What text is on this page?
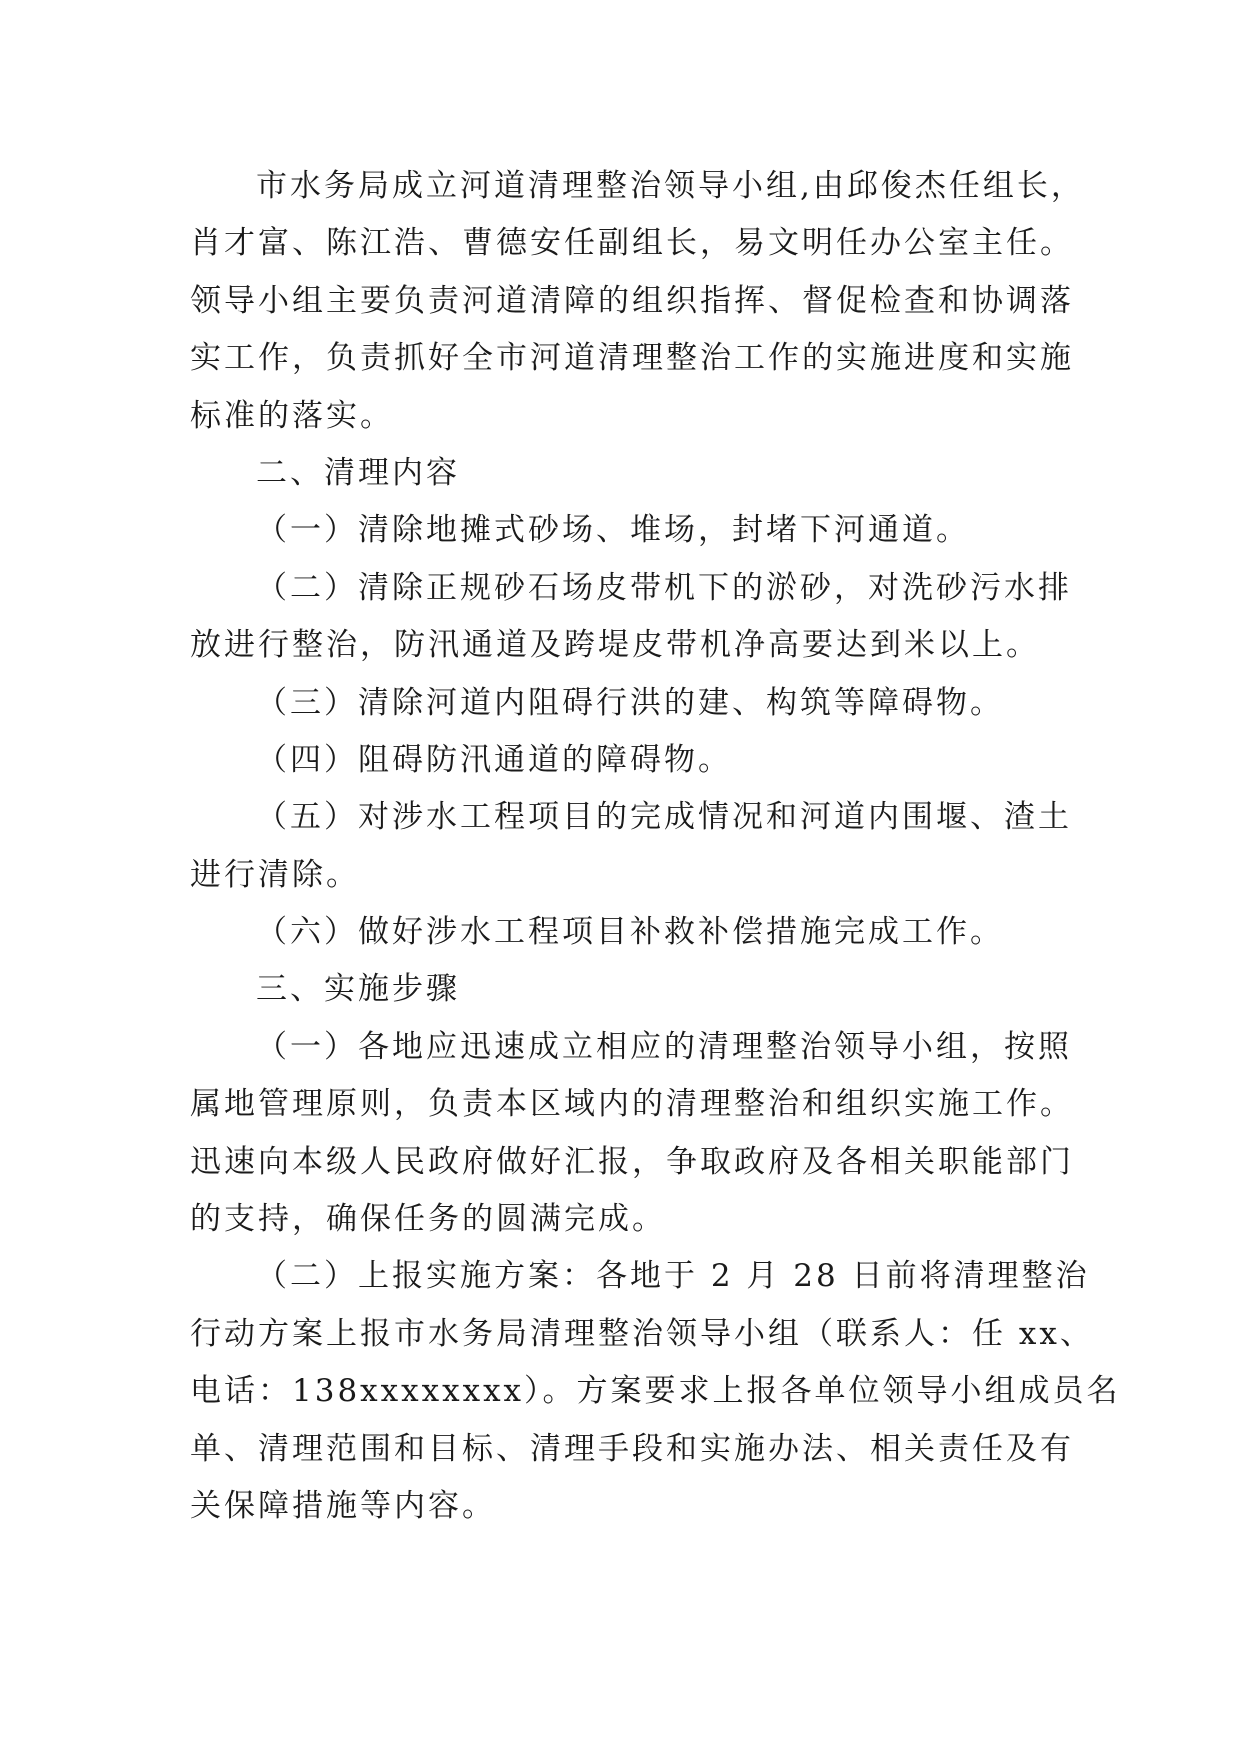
市水务局成立河道清理整治领导小组,由邱俊杰任组长，
肖才富、陈江浩、曹德安任副组长，易文明任办公室主任。
领导小组主要负责河道清障的组织指挥、督促检查和协调落
实工作，负责抓好全市河道清理整治工作的实施进度和实施
标准的落实。
二、清理内容
（一）清除地摊式砂场、堆场，封堵下河通道。
（二）清除正规砂石场皮带机下的淤砂，对洗砂污水排
放进行整治，防汛通道及跨堤皮带机净高要达到米以上。
（三）清除河道内阻碍行洪的建、构筑等障碍物。
（四）阻碍防汛通道的障碍物。
（五）对涉水工程项目的完成情况和河道内围堰、渣土
进行清除。
（六）做好涉水工程项目补救补偿措施完成工作。
三、实施步骤
（一）各地应迅速成立相应的清理整治领导小组，按照
属地管理原则，负责本区域内的清理整治和组织实施工作。
迅速向本级人民政府做好汇报，争取政府及各相关职能部门
的支持，确保任务的圆满完成。
（二）上报实施方案：各地于 2 月 28 日前将清理整治
行动方案上报市水务局清理整治领导小组（联系人：任 xx、
电话：138xxxxxxxx）。方案要求上报各单位领导小组成员名
单、清理范围和目标、清理手段和实施办法、相关责任及有
关保障措施等内容。
